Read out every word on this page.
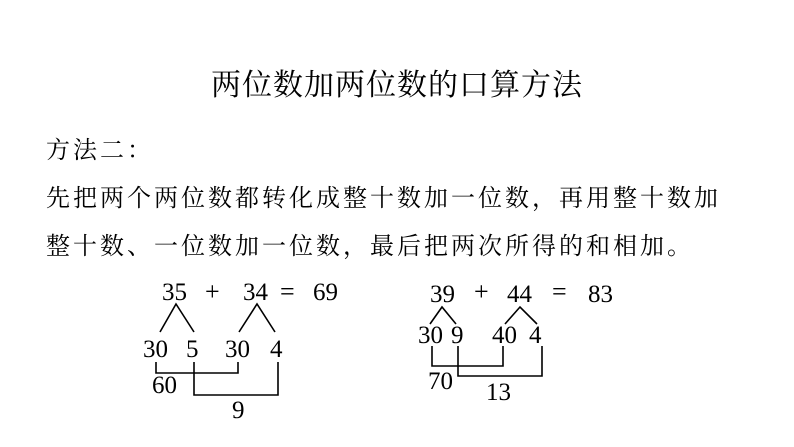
两位数加两位数的口算方法
方法二：
先把两个两位数都转化成整十数加一位数，再用整十数加
整十数、一位数加一位数，最后把两次所得的和相加。
35 + 34 = 69
30 5 30 4
60
9
39 + 44 = 83
30 9 40 4
70 13
